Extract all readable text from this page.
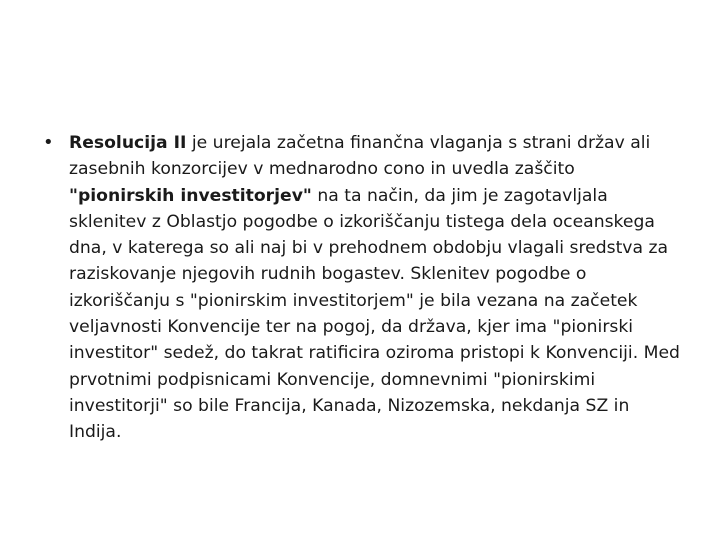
• Resolucija II je urejala začetna finančna vlaganja s strani držav ali zasebnih konzorcijev v mednarodno cono in uvedla zaščito "pionirskih investitorjev" na ta način, da jim je zagotavljala sklenitev z Oblastjo pogodbe o izkoriščanju tistega dela oceanskega dna, v katerega so ali naj bi v prehodnem obdobju vlagali sredstva za raziskovanje njegovih rudnih bogastev. Sklenitev pogodbe o izkoriščanju s "pionirskim investitorjem" je bila vezana na začetek veljavnosti Konvencije ter na pogoj, da država, kjer ima "pionirski investitor" sedež, do takrat ratificira oziroma pristopi k Konvenciji. Med prvotnimi podpisnicami Konvencije, domnevnimi "pionirskimi investitorji" so bile Francija, Kanada, Nizozemska, nekdanja SZ in Indija.
